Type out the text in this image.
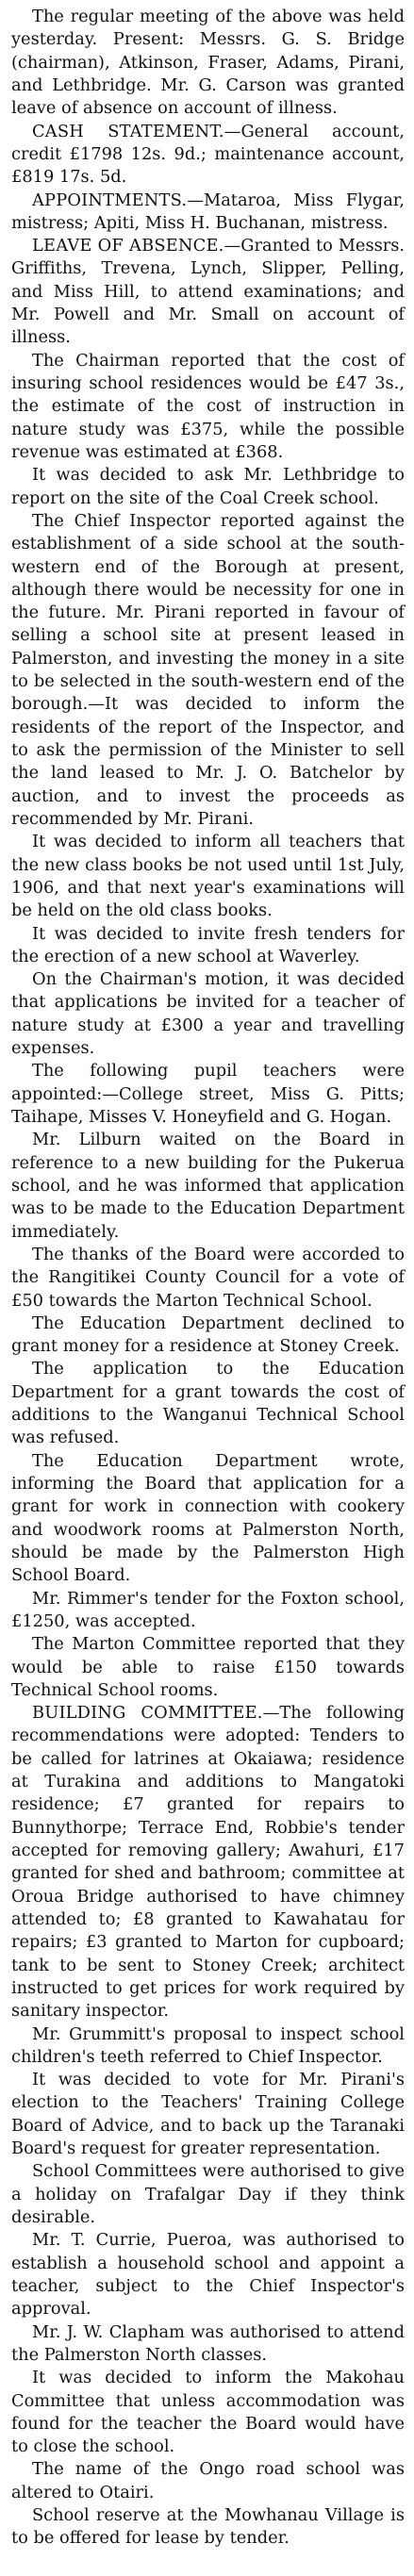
The regular meeting of the above was held yesterday. Present: Messrs. G. S. Bridge (chairman), Atkinson, Fraser, Adams, Pirani, and Lethbridge. Mr. G. Carson was granted leave of absence on account of illness.

CASH STATEMENT.—General account, credit £1798 12s. 9d.; maintenance account, £819 17s. 5d.

APPOINTMENTS.—Mataroa, Miss Flygar, mistress; Apiti, Miss H. Buchanan, mistress.

LEAVE OF ABSENCE.—Granted to Messrs. Griffiths, Trevena, Lynch, Slipper, Pelling, and Miss Hill, to attend examinations; and Mr. Powell and Mr. Small on account of illness.

The Chairman reported that the cost of insuring school residences would be £47 3s., the estimate of the cost of instruction in nature study was £375, while the possible revenue was estimated at £368.

It was decided to ask Mr. Lethbridge to report on the site of the Coal Creek school.

The Chief Inspector reported against the establishment of a side school at the south-western end of the Borough at present, although there would be necessity for one in the future. Mr. Pirani reported in favour of selling a school site at present leased in Palmerston, and investing the money in a site to be selected in the south-western end of the borough.—It was decided to inform the residents of the report of the Inspector, and to ask the permission of the Minister to sell the land leased to Mr. J. O. Batchelor by auction, and to invest the proceeds as recommended by Mr. Pirani.

It was decided to inform all teachers that the new class books be not used until 1st July, 1906, and that next year's examinations will be held on the old class books.

It was decided to invite fresh tenders for the erection of a new school at Waverley.

On the Chairman's motion, it was decided that applications be invited for a teacher of nature study at £300 a year and travelling expenses.

The following pupil teachers were appointed:—College street, Miss G. Pitts; Taihape, Misses V. Honeyfield and G. Hogan.

Mr. Lilburn waited on the Board in reference to a new building for the Pukerua school, and he was informed that application was to be made to the Education Department immediately.

The thanks of the Board were accorded to the Rangitikei County Council for a vote of £50 towards the Marton Technical School.

The Education Department declined to grant money for a residence at Stoney Creek.

The application to the Education Department for a grant towards the cost of additions to the Wanganui Technical School was refused.

The Education Department wrote, informing the Board that application for a grant for work in connection with cookery and woodwork rooms at Palmerston North, should be made by the Palmerston High School Board.

Mr. Rimmer's tender for the Foxton school, £1250, was accepted.

The Marton Committee reported that they would be able to raise £150 towards Technical School rooms.

BUILDING COMMITTEE.—The following recommendations were adopted: Tenders to be called for latrines at Okaiawa; residence at Turakina and additions to Mangatoki residence; £7 granted for repairs to Bunnythorpe; Terrace End, Robbie's tender accepted for removing gallery; Awahuri, £17 granted for shed and bathroom; committee at Oroua Bridge authorised to have chimney attended to; £8 granted to Kawahatau for repairs; £3 granted to Marton for cupboard; tank to be sent to Stoney Creek; architect instructed to get prices for work required by sanitary inspector.

Mr. Grummitt's proposal to inspect school children's teeth referred to Chief Inspector.

It was decided to vote for Mr. Pirani's election to the Teachers' Training College Board of Advice, and to back up the Taranaki Board's request for greater representation.

School Committees were authorised to give a holiday on Trafalgar Day if they think desirable.

Mr. T. Currie, Pueroa, was authorised to establish a household school and appoint a teacher, subject to the Chief Inspector's approval.

Mr. J. W. Clapham was authorised to attend the Palmerston North classes.

It was decided to inform the Makohau Committee that unless accommodation was found for the teacher the Board would have to close the school.

The name of the Ongo road school was altered to Otairi.

School reserve at the Mowhanau Village is to be offered for lease by tender.
